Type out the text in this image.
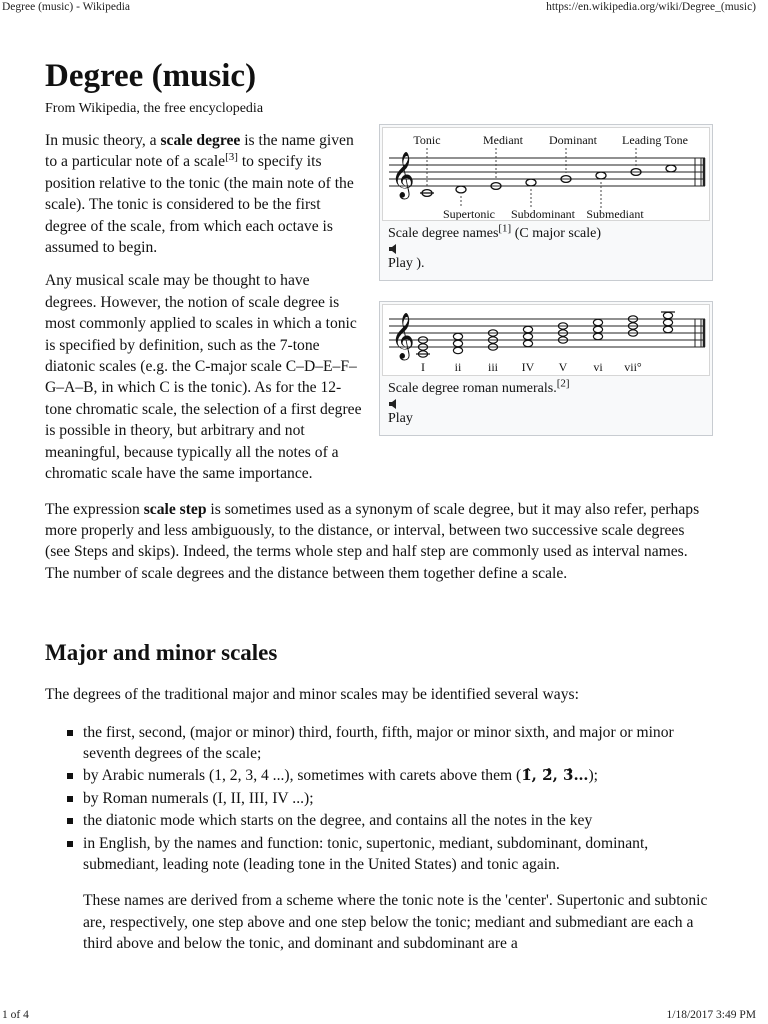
Degree (music) - Wikipedia	https://en.wikipedia.org/wiki/Degree_(music)
Degree (music)
From Wikipedia, the free encyclopedia
𝄞
Tonic	Mediant Dominant Leading Tone
Supertonic Subdominant Submediant
Scale degree names[1] (C major scale)
Play ).

In music theory, a scale degree is the name given to a particular note of a scale[3] to specify its position relative to the tonic (the main note of the scale). The tonic is considered to be the first degree of the scale, from which each octave is assumed to begin.

𝄞
I ii iii IV V vi vii°
Scale degree roman numerals.[2]
Play

Any musical scale may be thought to have degrees. However, the notion of scale degree is most commonly applied to scales in which a tonic is specified by definition, such as the 7-tone diatonic scales (e.g. the C-major scale C–D–E–F–G–A–B, in which C is the tonic). As for the 12-tone chromatic scale, the selection of a first degree is possible in theory, but arbitrary and not meaningful, because typically all the notes of a chromatic scale have the same importance.

The expression scale step is sometimes used as a synonym of scale degree, but it may also refer, perhaps more properly and less ambiguously, to the distance, or interval, between two successive scale degrees (see Steps and skips). Indeed, the terms whole step and half step are commonly used as interval names. The number of scale degrees and the distance between them together define a scale.

Major and minor scales

The degrees of the traditional major and minor scales may be identified several ways:

the first, second, (major or minor) third, fourth, fifth, major or minor sixth, and major or minor seventh degrees of the scale;
by Arabic numerals (1, 2, 3, 4 ...), sometimes with carets above them (1̂, 2̂, 3̂…);
by Roman numerals (I, II, III, IV ...);
the diatonic mode which starts on the degree, and contains all the notes in the key
in English, by the names and function: tonic, supertonic, mediant, subdominant, dominant, submediant, leading note (leading tone in the United States) and tonic again.

These names are derived from a scheme where the tonic note is the 'center'. Supertonic and subtonic are, respectively, one step above and one step below the tonic; mediant and submediant are each a third above and below the tonic, and dominant and subdominant are a

1 of 4	1/18/2017 3:49 PM
